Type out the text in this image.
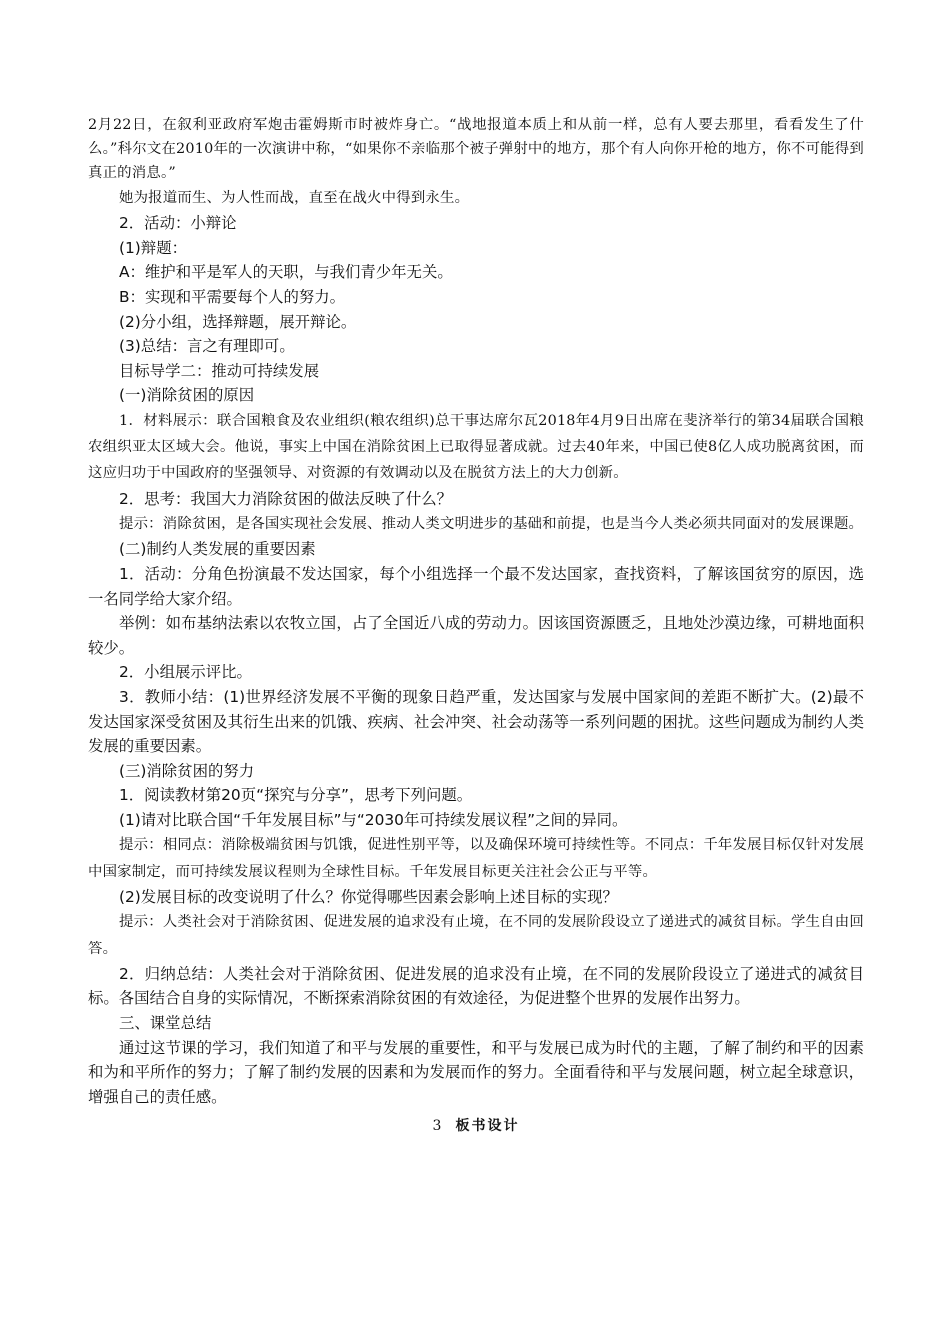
2月22日，在叙利亚政府军炮击霍姆斯市时被炸身亡。“战地报道本质上和从前一样，总有人要去那里，看看发生了什么。”科尔文在2010年的一次演讲中称，“如果你不亲临那个被子弹射中的地方，那个有人向你开枪的地方，你不可能得到真正的消息。”

她为报道而生、为人性而战，直至在战火中得到永生。

2．活动：小辩论

(1)辩题：

A：维护和平是军人的天职，与我们青少年无关。

B：实现和平需要每个人的努力。

(2)分小组，选择辩题，展开辩论。

(3)总结：言之有理即可。

目标导学二：推动可持续发展

(一)消除贫困的原因

1．材料展示：联合国粮食及农业组织(粮农组织)总干事达席尔瓦2018年4月9日出席在斐济举行的第34届联合国粮农组织亚太区域大会。他说，事实上中国在消除贫困上已取得显著成就。过去40年来，中国已使8亿人成功脱离贫困，而这应归功于中国政府的坚强领导、对资源的有效调动以及在脱贫方法上的大力创新。

2．思考：我国大力消除贫困的做法反映了什么？

提示：消除贫困，是各国实现社会发展、推动人类文明进步的基础和前提，也是当今人类必须共同面对的发展课题。

(二)制约人类发展的重要因素

1．活动：分角色扮演最不发达国家，每个小组选择一个最不发达国家，查找资料，了解该国贫穷的原因，选一名同学给大家介绍。

举例：如布基纳法索以农牧立国，占了全国近八成的劳动力。因该国资源匮乏，且地处沙漠边缘，可耕地面积较少。

2．小组展示评比。

3．教师小结：(1)世界经济发展不平衡的现象日趋严重，发达国家与发展中国家间的差距不断扩大。(2)最不发达国家深受贫困及其衍生出来的饥饿、疾病、社会冲突、社会动荡等一系列问题的困扰。这些问题成为制约人类发展的重要因素。

(三)消除贫困的努力

1．阅读教材第20页“探究与分享”，思考下列问题。

(1)请对比联合国“千年发展目标”与“2030年可持续发展议程”之间的异同。

提示：相同点：消除极端贫困与饥饿，促进性别平等，以及确保环境可持续性等。不同点：千年发展目标仅针对发展中国家制定，而可持续发展议程则为全球性目标。千年发展目标更关注社会公正与平等。

(2)发展目标的改变说明了什么？你觉得哪些因素会影响上述目标的实现？

提示：人类社会对于消除贫困、促进发展的追求没有止境，在不同的发展阶段设立了递进式的减贫目标。学生自由回答。

2．归纳总结：人类社会对于消除贫困、促进发展的追求没有止境，在不同的发展阶段设立了递进式的减贫目标。各国结合自身的实际情况，不断探索消除贫困的有效途径，为促进整个世界的发展作出努力。

三、课堂总结

通过这节课的学习，我们知道了和平与发展的重要性，和平与发展已成为时代的主题，了解了制约和平的因素和为和平所作的努力；了解了制约发展的因素和为发展而作的努力。全面看待和平与发展问题，树立起全球意识，增强自己的责任感。

3 板书设计
